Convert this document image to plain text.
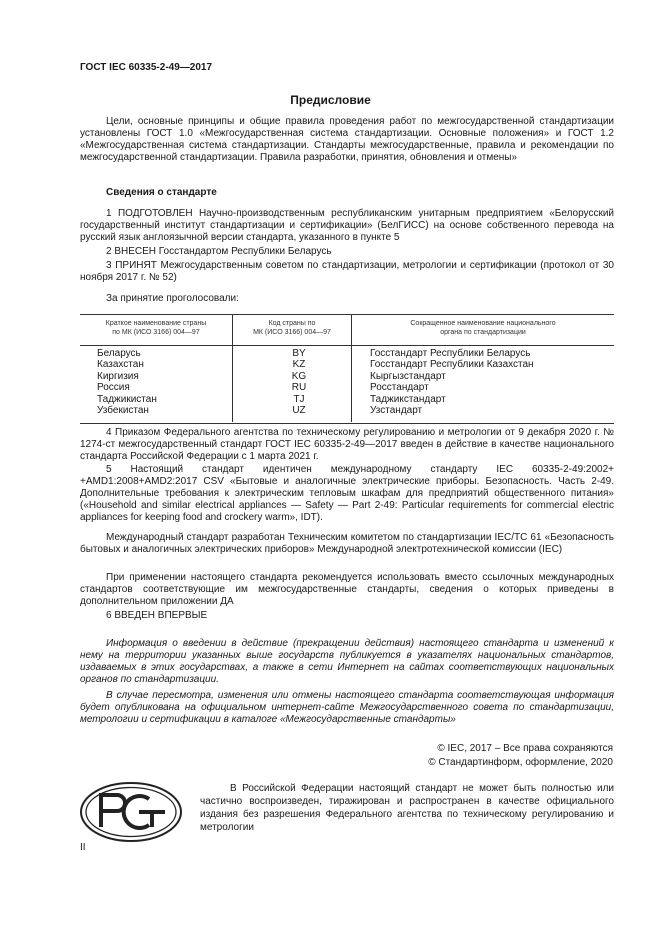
ГОСТ IEC 60335-2-49—2017
Предисловие
Цели, основные принципы и общие правила проведения работ по межгосударственной стандартизации установлены ГОСТ 1.0 «Межгосударственная система стандартизации. Основные положения» и ГОСТ 1.2 «Межгосударственная система стандартизации. Стандарты межгосударственные, правила и рекомендации по межгосударственной стандартизации. Правила разработки, принятия, обновления и отмены»
Сведения о стандарте
1 ПОДГОТОВЛЕН Научно-производственным республиканским унитарным предприятием «Белорусский государственный институт стандартизации и сертификации» (БелГИСС) на основе собственного перевода на русский язык англоязычной версии стандарта, указанного в пункте 5
2 ВНЕСЕН Госстандартом Республики Беларусь
3 ПРИНЯТ Межгосударственным советом по стандартизации, метрологии и сертификации (протокол от 30 ноября 2017 г. № 52)
За принятие проголосовали:
Краткое наименование страны
по МК (ИСО 3166) 004—97
Код страны по
МК (ИСО 3166) 004—97
Сокращенное наименование национального
органа по стандартизации
Беларусь
Казахстан
Киргизия
Россия
Таджикистан
Узбекистан
BY
KZ
KG
RU
TJ
UZ
Госстандарт Республики Беларусь
Госстандарт Республики Казахстан
Кыргызстандарт
Росстандарт
Таджикстандарт
Узстандарт
4 Приказом Федерального агентства по техническому регулированию и метрологии от 9 декабря 2020 г. № 1274-ст межгосударственный стандарт ГОСТ IEC 60335-2-49—2017 введен в действие в качестве национального стандарта Российской Федерации с 1 марта 2021 г.
5 Настоящий стандарт идентичен международному стандарту IEC 60335-2-49:2002+ +AMD1:2008+AMD2:2017 CSV «Бытовые и аналогичные электрические приборы. Безопасность. Часть 2-49. Дополнительные требования к электрическим тепловым шкафам для предприятий общественного питания» («Household and similar electrical appliances — Safety — Part 2-49: Particular requirements for commercial electric appliances for keeping food and crockery warm», IDT).
Международный стандарт разработан Техническим комитетом по стандартизации IEC/TC 61 «Безопасность бытовых и аналогичных электрических приборов» Международной электротехнической комиссии (IEC)
При применении настоящего стандарта рекомендуется использовать вместо ссылочных международных стандартов соответствующие им межгосударственные стандарты, сведения о которых приведены в дополнительном приложении ДА
6 ВВЕДЕН ВПЕРВЫЕ
Информация о введении в действие (прекращении действия) настоящего стандарта и изменений к нему на территории указанных выше государств публикуется в указателях национальных стандартов, издаваемых в этих государствах, а также в сети Интернет на сайтах соответствующих национальных органов по стандартизации.
В случае пересмотра, изменения или отмены настоящего стандарта соответствующая информация будет опубликована на официальном интернет-сайте Межгосударственного совета по стандартизации, метрологии и сертификации в каталоге «Межгосударственные стандарты»
© IEC, 2017 – Все права сохраняются
© Стандартинформ, оформление, 2020
В Российской Федерации настоящий стандарт не может быть полностью или частично воспроизведен, тиражирован и распространен в качестве официального издания без разрешения Федерального агентства по техническому регулированию и метрологии
II
